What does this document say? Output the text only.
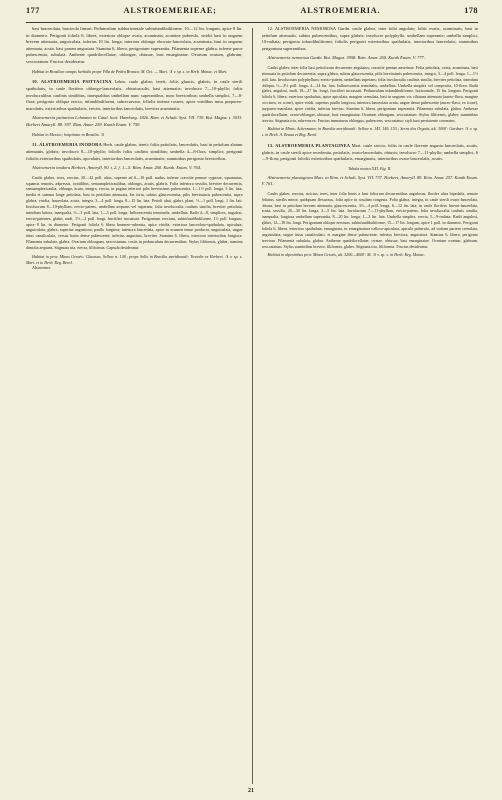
177	ALSTROEMERIEAE;	ALSTROEMERIA.	178

basi bracteolata, bracteola lineari. Pedunculum subhorizontale subinfundibuliforme, 10—12 lin. longum, apice 8 lin. in diametro. Perigonii foliola 6, libera, exteriora oblique ovata, acuminata, acumine puberulo, viridis basi in unguem brevem attenuata, unguiculata, inferius 10 lin. longa, interiora oblonge obovato-lanceolata, acuminata, basi in unguem attenuata, acuta, basi parum angustata. Stamina 6, libera, perigonium superantia. Filamenta superne glabra, inferne parce pubescentia, subulata. Antherae quadrilocellatae, oblongae, obtusae, basi emarginatae. Ovarium ovatum, glabrum, sexcostatum. Fructus desideratur.

Habitat in Brasiliae campis herbidis prope Villa de Pedra Branca; M. Oct. — Mart. ♃ v. sp. s. in Herb. Monac. et Mart.

10. ALSTROEMERIA PSITTACINA Lehm. caule glabro, tereti; foliis glaucis, glabris, in caule sterili spathulatis, in caule florifero oblongo-lanceolatis, obtusiusculis, basi attenuatis; involucro 7—10-phyllo; foliis involucralibus caulinis similibus, inaequalibus umbellam nunc superantibus, nunc brevioribus; umbella simplici, 7—8-flora; perigonio oblique erecto, infundibuliformi, subrecurvato, foliolis intense rosseis, apice viridibus intus purpureo-maculatis, exterioribus spathulatis, erectis, interioribus lanceolatis, breviter acuminatis.

Alstroemeria psittacina Lehmann in Catal. hort. Hamburg. 1826. Röm. et Schult. Syst. VII. 739. Bot. Magaz. t. 3033. Herbert Amaryll. 88. 397. Röm. Amar. 259. Kunth Enum. V. 759.

Habitat in Mexico; hospitatur in Brasilia. ♃

11. ALSTROEMERIA INODORA Herb. caule glabro, tereti; foliis petiolatis, lanceolatis, basi in petiolum alatum attenuatis, glabris; involucro 8—10-phyllo; foliolis foliis caulinis similibus; umbella 4—8-flora, simplici; perigonii foliolis exterioribus spathulatis, apiculatis, interioribus lanceolatis, acuminatis; staminibus perigonio brevioribus.

Alstroemeria inodora Herbert, Amaryll. 90. t. 2. f. 1—5. Röm. Amar. 260. Kunth. Enum. V. 764.

Caulis glaber, teres, erectus, 20—42 poll. altus, superne ad 6—10 poll. nudus, inferne crassitie pennae cygneae, squamatus, squamis remotis, adpressis, ovatilibus, semiamplexicaulibus, oblongis, acutis, glabris. Folia inferiora sessilia, breviter decurrentia, semiamplexicaulia, oblonga, acuta, integra, erecta, in pagina inferiori pilis brevissimis pubescentia, 1—1½ poll. longa, 3 lin. lata, media et summa longe petiolata, basi in petiolum attenuata, bis torta, subtus glaucescentia, pilis brevissimis pubescentia, supra glabra, viridia, lanceolata, acuta, integra, 3—4 poll. longa, 8—15 lin. lata. Petioli alati, glabri, plani, ½—1 poll. longi, 1 lin. lati. Involucrum 8—10-phyllum, erecto-patens, umbellam aequans vel superans; folia involucralia caulinis similia, breviter petiolata, interdum latiora, inaequalia, ½—1 poll. lata, 1—3 poll. longa. Inflorescentia terminalis, umbellata. Radii 4—8, simplices, angulosi, erecto-patentes, glabri, nudi, 1½—2 poll. longi, fructiferi incrassati. Perigonium erectum, subinfundibuliforme, 1½ poll. longum, apice 8 lin. in diametro. Perigonii foliola 6 libera brunneo-rubentia, apice viridia, exteriora lanceolato-spathulata, apiculata, unguiculata, glabra, superius angustiora, paullo longiora; interiora lanceolata, apice in acumen tenue producta, unguiculata, ungue intus canaliculato, versus basin dense pubescente, inferius angustius, breviter. Stamina 6, libera, exteriora interioribus longiora. Filamenta subulata, glabra. Ovarium oblongum, sexcostatum, costis in pedunculum decurrentibus. Stylus filiformis, glaber, stamina dimidia aequans. Stigmata tria, erecta, filiformia. Capsula desideratur.

Habitat in prov. Minas Geraës: Claussen, Sellow n. 138.; prope Sollo in Brasilia meridionali: Tweedie ex Herbert. ♃ v. sp. s. Mart. et in Herb. Reg. Berol.

Alstroemer.

12. ALSTROEMERIA NEMOROSA Gardn. caule glabro, inter folia angulato; foliis ovatis, acuminatis, basi in petiolum attenuatis, subtus pubescentibus, supra glabris; involucro polyphyllo, umbellam superante; umbella simplici, 10-radiata; perigonio infundibuliformi; foliolis perigonii exterioribus spathulatis, interioribus lanceolatis; staminibus perigonium superantibus.

Alstroemeria nemorosa Gardn. Bot. Magaz. 3958. Röm. Amar. 260. Kunth Enum. V. 777.

Caulis glaber, inter folia basi petiolorum decurrente angulatus, crassitie pennae anserinae. Folia petiolata, ovata, acuminata, basi attenuata in petiolum decurrentia, supra glabra, subtus glaucescentia, pilis brevissimis pubescentia, integra, 3—4 poll. longa, 1—1½ poll. lata. Involucrum polyphyllum; erecto-patens, umbellam superans; folia involucralia caulinis similia, breviter petiolata, interdum obliqua, ½—3½ poll. longa, 4—14 lin. lata. Inflorescentia terminalis, umbellata. Umbella simplex vel composita, 10-flora. Radii glabri, angulosi, nudi, 18—27 lin. longi, fructiferi incrassati. Pedunculum infundibuliforme, horizontale, 15 lin. longum. Perigonii foliola 6, libera, exteriora spathulata, apice apiculata, margine crenulata, basi in unguem vix ciliatum attenuata (aureo-flava, margine coccinea, ex icone), apice viridi, superius paullo longiora; interiora lanceolata acuta, ungue dense pubescente (aureo-flava, ex icone), purpureo-maculata, apice viridia, inferius brevius. Stamina 6, libera, perigonium superantia. Filamenta subulata, glabra. Antherae quadrilocellatae, ovato-oblongae, obtusae, basi emarginatae. Ovarium oblongum, sexcostatum. Stylus filiformis, glaber, staminibus brevior. Stigmata tria, subrecurva. Fructus immaturus oblongus, pubescens, sexcostatus; styli basi persistente coronatus.

Habitat in Minis: Ackermann; in Brasilia meridionali: Sellow n. 145. 146. 153.; Serra dos Orgaös, alt. 3000': Gardner. ♃ v. sp. s. in Herb. A. Braun et Reg. Berol.

13. ALSTROEMERIA PLANTAGINEA Mart. caule stricto; foliis in caule florente angusto lanceolatis, acutis, glabris, in caule sterili apice recedentia, petiolatis, ovato-lanceolatis, obtusis; involucro 7—11-phyllo; umbella simplici, 6—9-flora; perigonii foliolis exterioribus spathulatis, emarginatis, interioribus ovato-lanceolatis, acutis.

Tabula nostra XXI. Fig. II.

Alstroemeria plantaginea Mart. in Röm. et Schult. Syst. VII. 737. Herbert, Amaryll. 89. Röm. Amar. 257. Kunth Enum. V. 761.

Caulis glaber, erectus, strictus, teres, inter folia lineis a basi foliorum decurrentibus angulosus, florifer ultra bipedalis, remote foliatus, sterilis minor, quidquam flexuosus, folia apice in rosulam congesta. Folia glabra, integra, in caule sterili ovato-lanceolata, obtusa, basi in petiolum brevem attenuata, glaucescentia, 3½—4 poll. longa, 6—12 lin. lata; in caule florifero lineari-lanceolata, acuta, sessilia, 20—30 lin. longa, 2—5 lin. lata. Involucrum 7—11-phyllum, erecto-patens; folia involucralia caulinis similia, inaequalia, longiora umbellam superantia, 8—20 lin. longa, 1—3 lin. lata. Umbella simplex, erecta, 5—9-radiata. Radii angulosi, glabri, 12—18 lin. longi. Perigonium oblique erectum, subinfundibuliforme, 15—17 lin. longum, apice 1 poll. in diametro. Perigonii foliola 6, libera, exteriora spathulata, emarginata, in emarginatura calloso-apiculata, apiculo puberulo, ad tortiam partem crenulata, unguiculata, ungue intus canaliculato, et margine dense pubescente, inferius breviora, angustiora. Stamina 6, libera, perigonio breviora. Filamenta subulata, glabra. Antherae quadrilocellatae, ovatae, obtusae, basi emarginatae. Ovarium ovatum, glabrum, sexcostatum. Stylus staminibus brevior, filiformis, glaber. Stigmata tria, filiformia. Fructus desideratur.

Habitat in alpestribus prov. Minas Geraës, alt. 3200—4000': M. ♃ v. sp. s. in Herb. Reg. Monac.

21
